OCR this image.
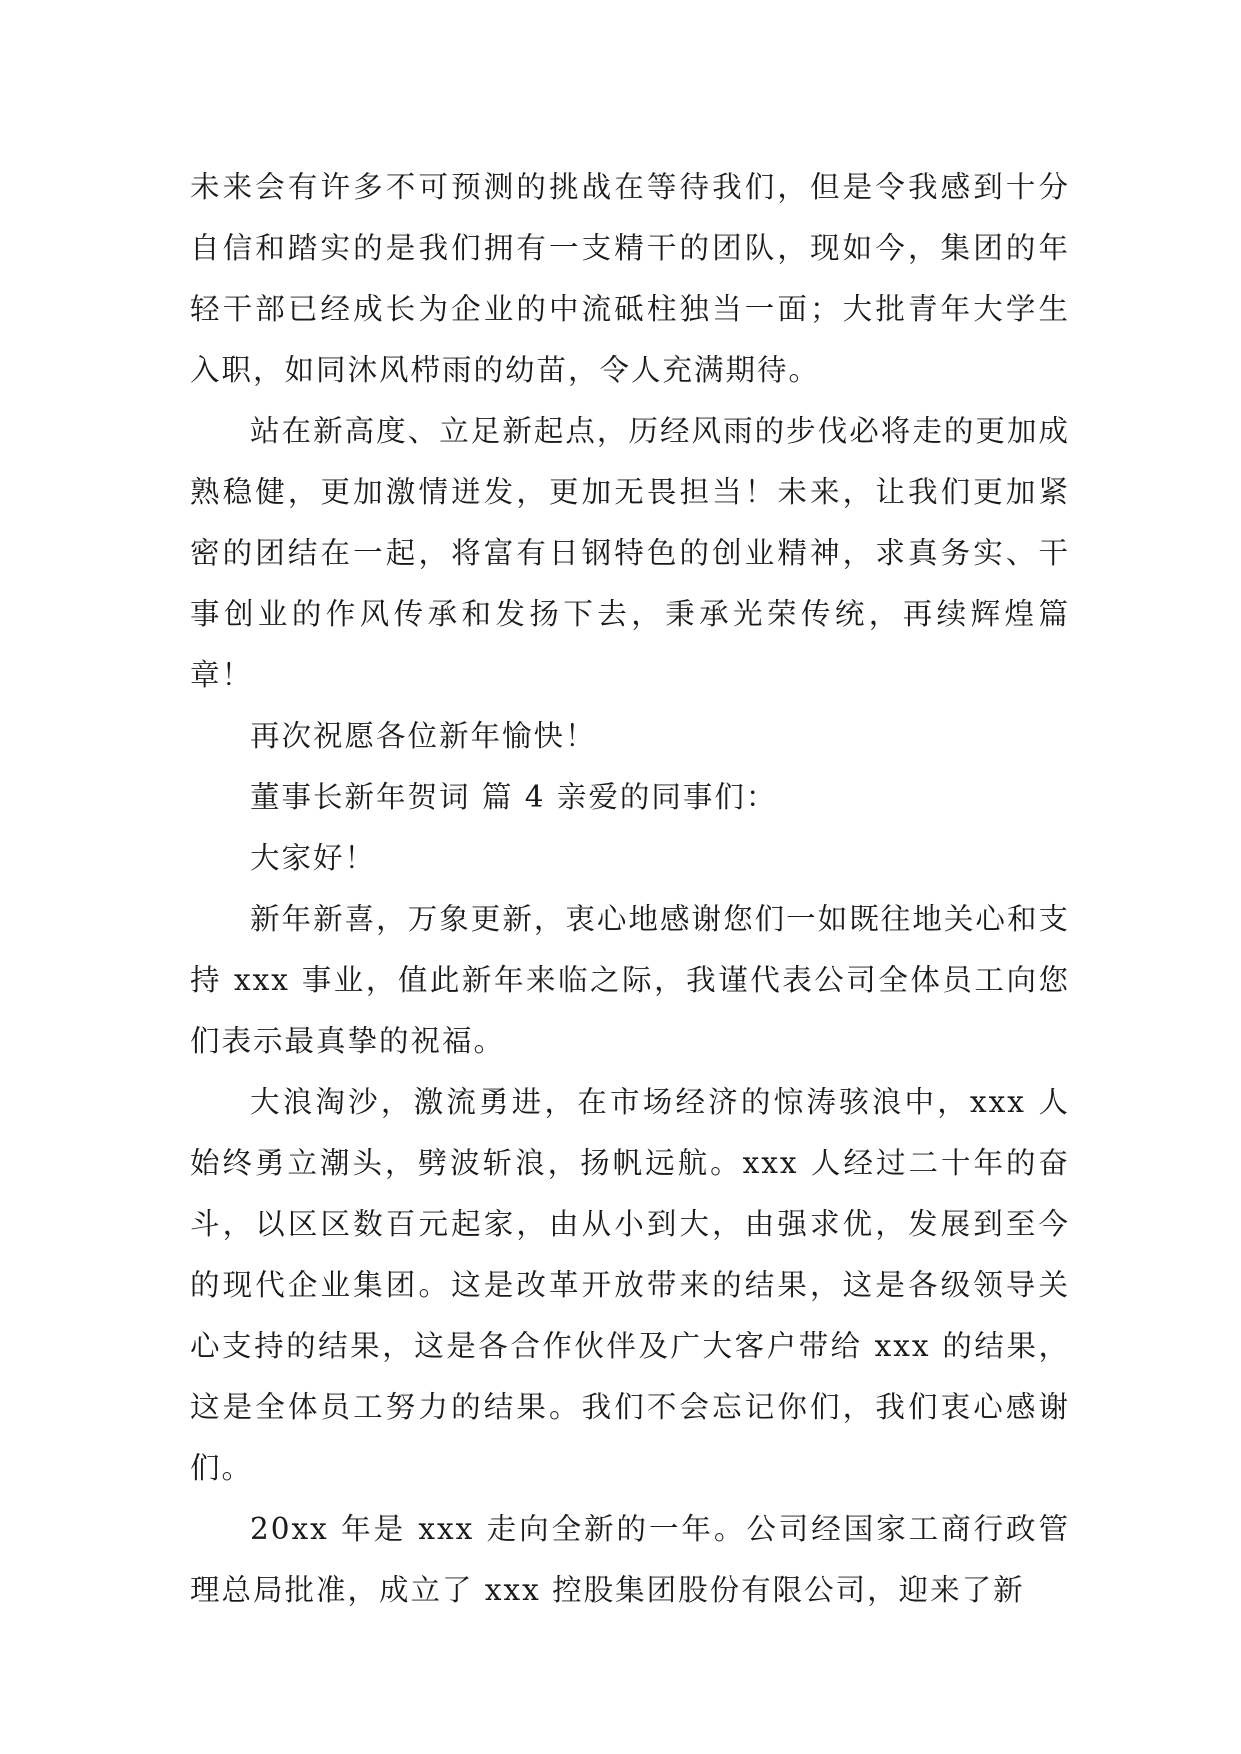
未来会有许多不可预测的挑战在等待我们，但是令我感到十分自信和踏实的是我们拥有一支精干的团队，现如今，集团的年轻干部已经成长为企业的中流砥柱独当一面；大批青年大学生入职，如同沐风栉雨的幼苗，令人充满期待。

站在新高度、立足新起点，历经风雨的步伐必将走的更加成熟稳健，更加激情迸发，更加无畏担当！未来，让我们更加紧密的团结在一起，将富有日钢特色的创业精神，求真务实、干事创业的作风传承和发扬下去，秉承光荣传统，再续辉煌篇章！

再次祝愿各位新年愉快！

董事长新年贺词 篇 4 亲爱的同事们：

大家好！

新年新喜，万象更新，衷心地感谢您们一如既往地关心和支持 xxx 事业，值此新年来临之际，我谨代表公司全体员工向您们表示最真挚的祝福。

大浪淘沙，激流勇进，在市场经济的惊涛骇浪中，xxx 人始终勇立潮头，劈波斩浪，扬帆远航。xxx 人经过二十年的奋斗，以区区数百元起家，由从小到大，由强求优，发展到至今的现代企业集团。这是改革开放带来的结果，这是各级领导关心支持的结果，这是各合作伙伴及广大客户带给 xxx 的结果，这是全体员工努力的结果。我们不会忘记你们，我们衷心感谢们。

20xx 年是 xxx 走向全新的一年。公司经国家工商行政管理总局批准，成立了 xxx 控股集团股份有限公司，迎来了新
